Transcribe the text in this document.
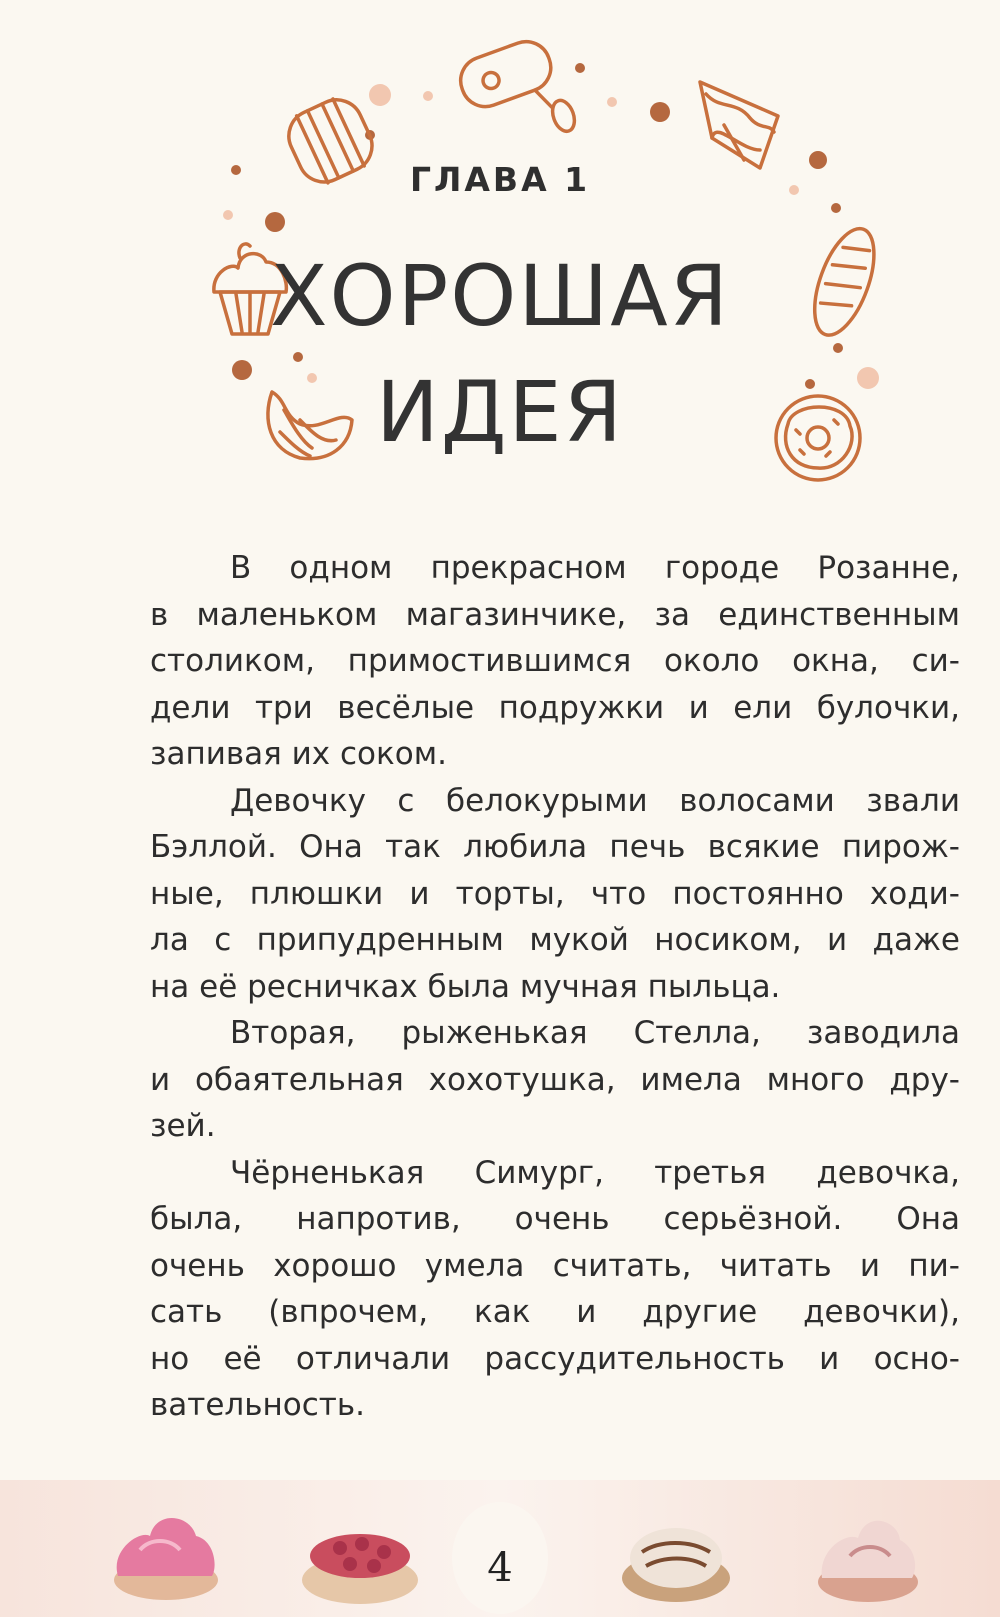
ГЛАВА 1
ХОРОШАЯ
ИДЕЯ

В одном прекрасном городе Розанне,
в маленьком магазинчике, за единственным
столиком, примостившимся около окна, си-
дели три весёлые подружки и ели булочки,
запивая их соком.

Девочку с белокурыми волосами звали
Бэллой. Она так любила печь всякие пирож-
ные, плюшки и торты, что постоянно ходи-
ла с припудренным мукой носиком, и даже
на её ресничках была мучная пыльца.

Вторая, рыженькая Стелла, заводила
и обаятельная хохотушка, имела много дру-
зей.

Чёрненькая Симург, третья девочка,
была, напротив, очень серьёзной. Она
очень хорошо умела считать, читать и пи-
сать (впрочем, как и другие девочки),
но её отличали рассудительность и осно-
вательность.

4
